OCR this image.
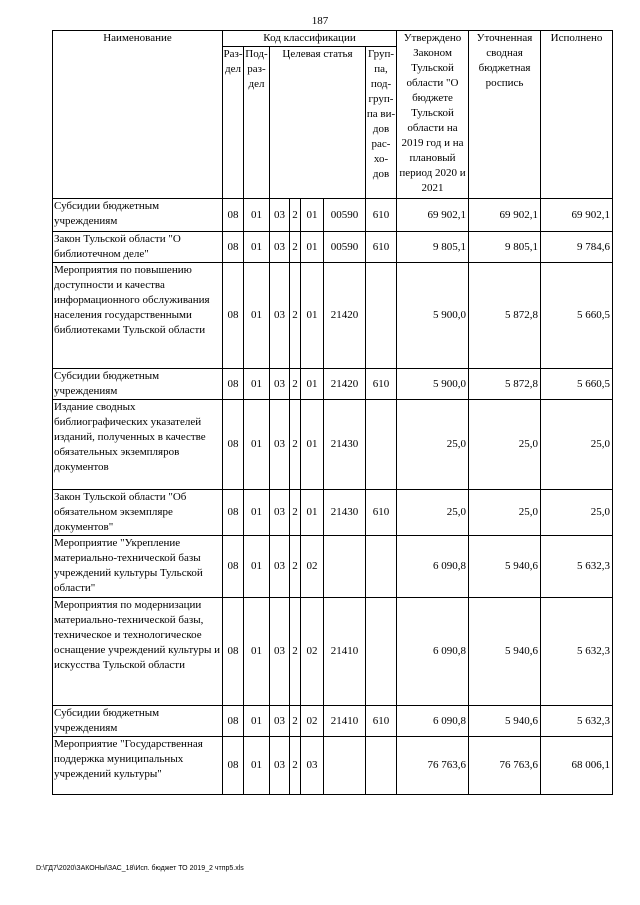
187
Наименование	Код классификации							Утверждено Законом Тульской области "О бюджете Тульской области на 2019 год и на плановый период 2020 и 2021	Уточненная сводная бюджетная роспись	Исполнено
	Раз-дел	Под-раз-дел	Целевая статья				Груп-па, под-груп-па ви-дов рас-хо-дов			
Субсидии бюджетным учреждениям	08	01	03	2	01	00590	610	69 902,1	69 902,1	69 902,1
Закон Тульской области "О библиотечном деле"	08	01	03	2	01	00590	610	9 805,1	9 805,1	9 784,6
Мероприятия по повышению доступности и качества информационного обслуживания населения государственными библиотеками Тульской области	08	01	03	2	01	21420		5 900,0	5 872,8	5 660,5
Субсидии бюджетным учреждениям	08	01	03	2	01	21420	610	5 900,0	5 872,8	5 660,5
Издание сводных библиографических указателей изданий, полученных в качестве обязательных экземпляров документов	08	01	03	2	01	21430		25,0	25,0	25,0
Закон Тульской области "Об обязательном экземпляре документов"	08	01	03	2	01	21430	610	25,0	25,0	25,0
Мероприятие "Укрепление материально-технической базы учреждений культуры Тульской области"	08	01	03	2	02			6 090,8	5 940,6	5 632,3
Мероприятия по модернизации материально-технической базы, техническое и технологическое оснащение учреждений культуры и искусства Тульской области	08	01	03	2	02	21410		6 090,8	5 940,6	5 632,3
Субсидии бюджетным учреждениям	08	01	03	2	02	21410	610	6 090,8	5 940,6	5 632,3
Мероприятие "Государственная поддержка муниципальных учреждений культуры"	08	01	03	2	03			76 763,6	76 763,6	68 006,1
D:\ГД7\2020\ЗАКОНЫ\ЗАС_18\Исп. бюджет ТО 2019_2 чтпр5.xls
